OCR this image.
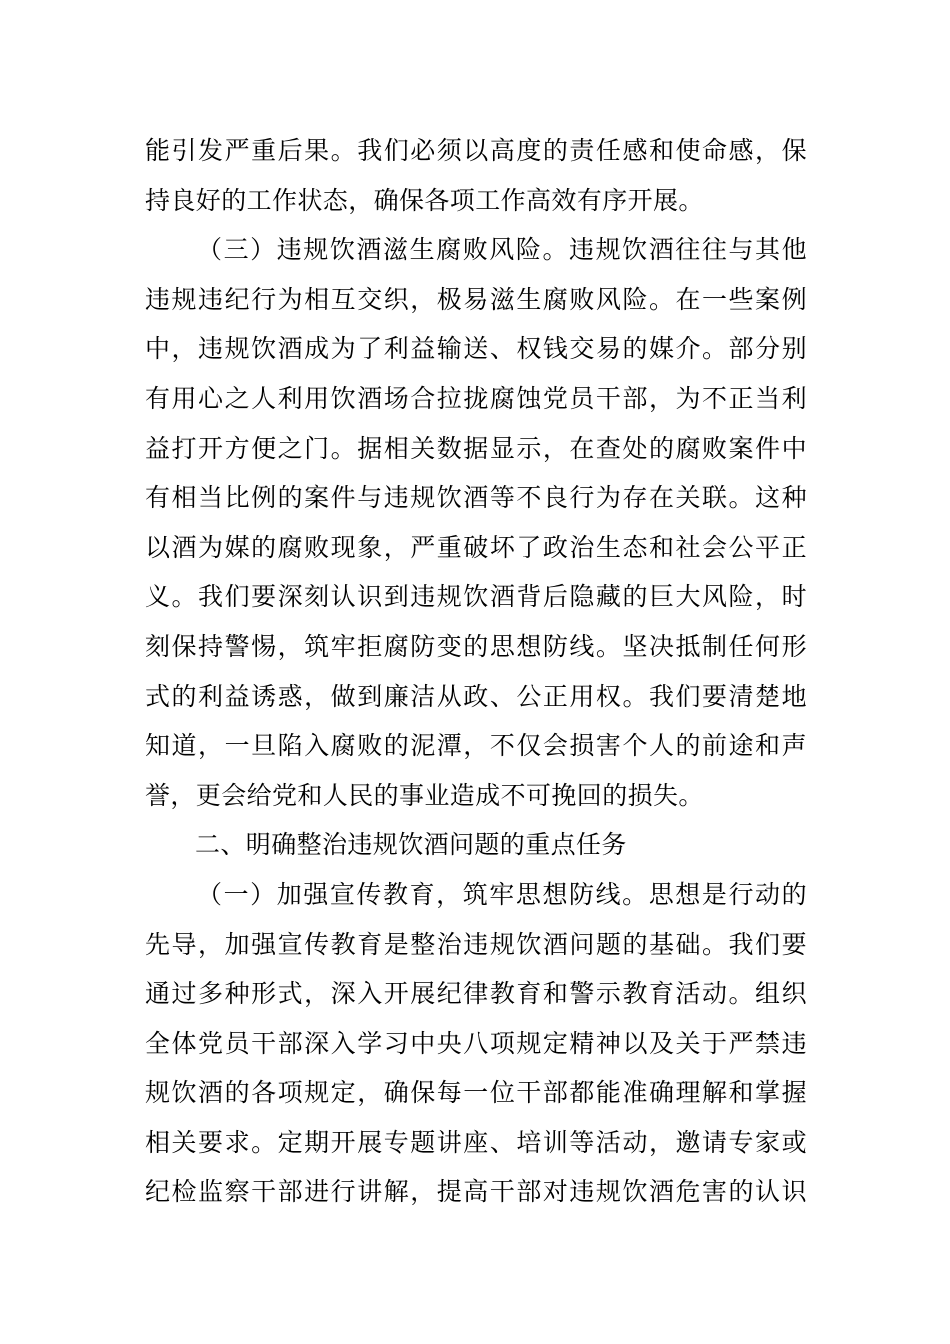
能引发严重后果。我们必须以高度的责任感和使命感，保
持良好的工作状态，确保各项工作高效有序开展。
（三）违规饮酒滋生腐败风险。违规饮酒往往与其他
违规违纪行为相互交织，极易滋生腐败风险。在一些案例
中，违规饮酒成为了利益输送、权钱交易的媒介。部分别
有用心之人利用饮酒场合拉拢腐蚀党员干部，为不正当利
益打开方便之门。据相关数据显示，在查处的腐败案件中
有相当比例的案件与违规饮酒等不良行为存在关联。这种
以酒为媒的腐败现象，严重破坏了政治生态和社会公平正
义。我们要深刻认识到违规饮酒背后隐藏的巨大风险，时
刻保持警惕，筑牢拒腐防变的思想防线。坚决抵制任何形
式的利益诱惑，做到廉洁从政、公正用权。我们要清楚地
知道，一旦陷入腐败的泥潭，不仅会损害个人的前途和声
誉，更会给党和人民的事业造成不可挽回的损失。
二、明确整治违规饮酒问题的重点任务
（一）加强宣传教育，筑牢思想防线。思想是行动的
先导，加强宣传教育是整治违规饮酒问题的基础。我们要
通过多种形式，深入开展纪律教育和警示教育活动。组织
全体党员干部深入学习中央八项规定精神以及关于严禁违
规饮酒的各项规定，确保每一位干部都能准确理解和掌握
相关要求。定期开展专题讲座、培训等活动，邀请专家或
纪检监察干部进行讲解，提高干部对违规饮酒危害的认识
